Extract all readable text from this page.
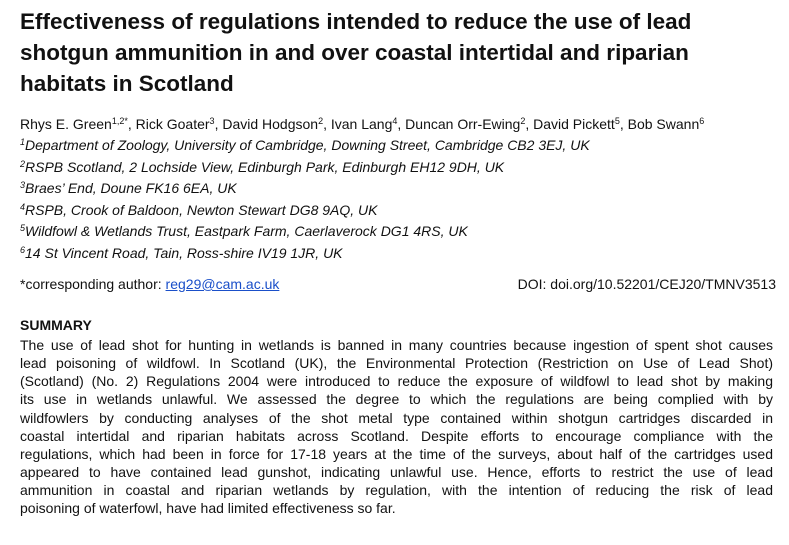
Effectiveness of regulations intended to reduce the use of lead
shotgun ammunition in and over coastal intertidal and riparian
habitats in Scotland
Rhys E. Green$^{1,2*}$, Rick Goater$^3$, David Hodgson$^2$, Ivan Lang$^4$, Duncan Orr-Ewing$^2$, David Pickett$^5$, Bob Swann$^6$
$^1$Department of Zoology, University of Cambridge, Downing Street, Cambridge CB2 3EJ, UK
$^2$RSPB Scotland, 2 Lochside View, Edinburgh Park, Edinburgh EH12 9DH, UK
$^3$Braes’ End, Doune FK16 6EA, UK
$^4$RSPB, Crook of Baldoon, Newton Stewart DG8 9AQ, UK
$^5$Wildfowl & Wetlands Trust, Eastpark Farm, Caerlaverock DG1 4RS, UK
$^6$14 St Vincent Road, Tain, Ross-shire IV19 1JR, UK
*corresponding author: reg29@cam.ac.uk	DOI: doi.org/10.52201/CEJ20/TMNV3513
SUMMARY
The use of lead shot for hunting in wetlands is banned in many countries because ingestion of spent shot causes
lead poisoning of wildfowl. In Scotland (UK), the Environmental Protection (Restriction on Use of Lead Shot)
(Scotland) (No. 2) Regulations 2004 were introduced to reduce the exposure of wildfowl to lead shot by making
its use in wetlands unlawful. We assessed the degree to which the regulations are being complied with by
wildfowlers by conducting analyses of the shot metal type contained within shotgun cartridges discarded in
coastal intertidal and riparian habitats across Scotland. Despite efforts to encourage compliance with the
regulations, which had been in force for 17-18 years at the time of the surveys, about half of the cartridges used
appeared to have contained lead gunshot, indicating unlawful use. Hence, efforts to restrict the use of lead
ammunition in coastal and riparian wetlands by regulation, with the intention of reducing the risk of lead
poisoning of waterfowl, have had limited effectiveness so far.
